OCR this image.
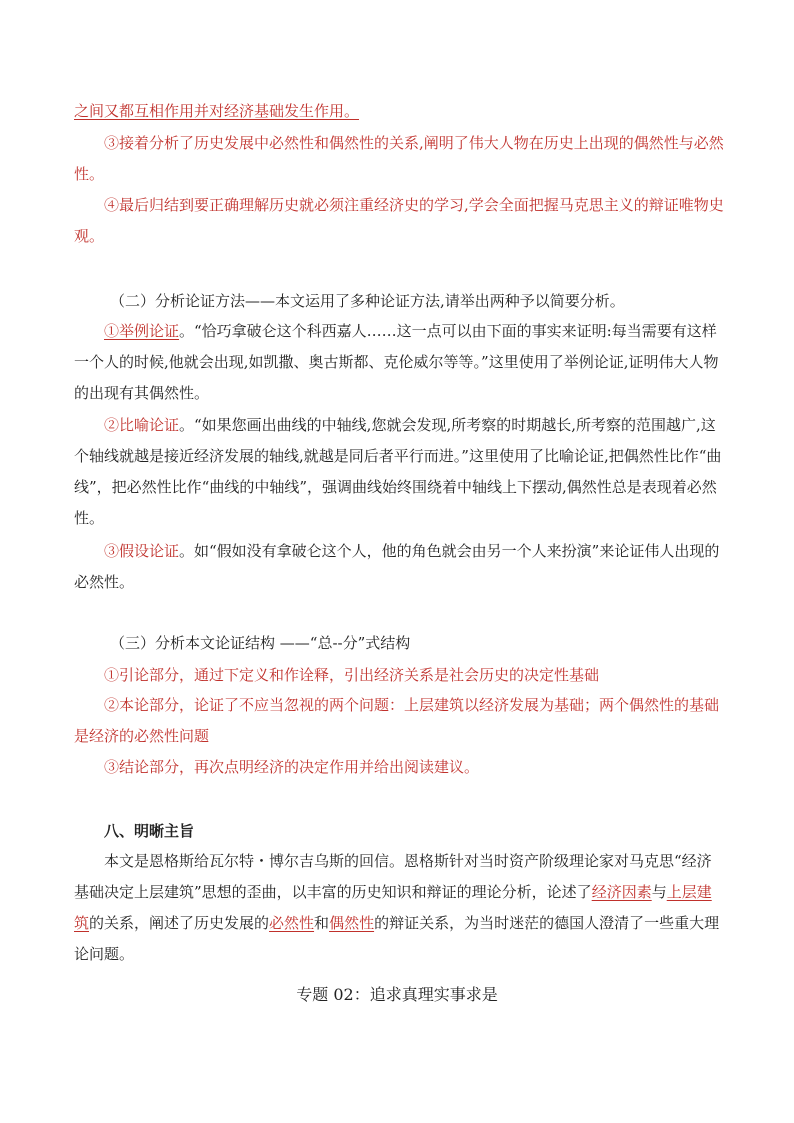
之间又都互相作用并对经济基础发生作用。

③接着分析了历史发展中必然性和偶然性的关系,阐明了伟大人物在历史上出现的偶然性与必然性。

④最后归结到要正确理解历史就必须注重经济史的学习,学会全面把握马克思主义的辩证唯物史观。

（二）分析论证方法——本文运用了多种论证方法,请举出两种予以简要分析。

①举例论证。“恰巧拿破仑这个科西嘉人……这一点可以由下面的事实来证明:每当需要有这样一个人的时候,他就会出现,如凯撒、奥古斯都、克伦威尔等等。”这里使用了举例论证,证明伟大人物的出现有其偶然性。

②比喻论证。“如果您画出曲线的中轴线,您就会发现,所考察的时期越长,所考察的范围越广,这个轴线就越是接近经济发展的轴线,就越是同后者平行而进。”这里使用了比喻论证,把偶然性比作“曲线”，把必然性比作“曲线的中轴线”，强调曲线始终围绕着中轴线上下摆动,偶然性总是表现着必然性。

③假设论证。如“假如没有拿破仑这个人，他的角色就会由另一个人来扮演”来论证伟人出现的必然性。

（三）分析本文论证结构 ——“总--分”式结构

①引论部分，通过下定义和作诠释，引出经济关系是社会历史的决定性基础

②本论部分，论证了不应当忽视的两个问题：上层建筑以经济发展为基础；两个偶然性的基础是经济的必然性问题

③结论部分，再次点明经济的决定作用并给出阅读建议。

八、明晰主旨

本文是恩格斯给瓦尔特・博尔吉乌斯的回信。恩格斯针对当时资产阶级理论家对马克思“经济基础决定上层建筑”思想的歪曲，以丰富的历史知识和辩证的理论分析，论述了经济因素与上层建筑的关系，阐述了历史发展的必然性和偶然性的辩证关系，为当时迷茫的德国人澄清了一些重大理论问题。

专题 02：追求真理实事求是
